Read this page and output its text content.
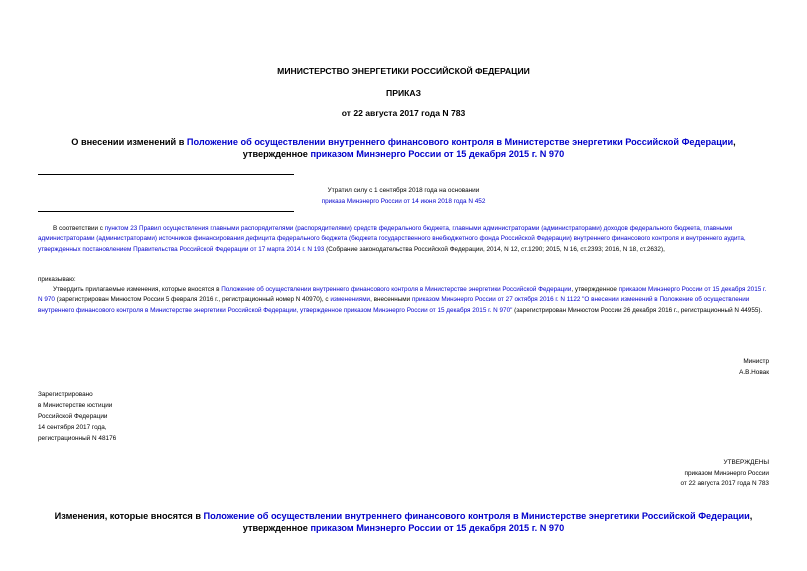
МИНИСТЕРСТВО ЭНЕРГЕТИКИ РОССИЙСКОЙ ФЕДЕРАЦИИ
ПРИКАЗ
от 22 августа 2017 года N 783
О внесении изменений в Положение об осуществлении внутреннего финансового контроля в Министерстве энергетики Российской Федерации, утвержденное приказом Минэнерго России от 15 декабря 2015 г. N 970
Утратил силу с 1 сентября 2018 года на основании
приказа Минэнерго России от 14 июня 2018 года N 452
В соответствии с пунктом 23 Правил осуществления главными распорядителями (распорядителями) средств федерального бюджета, главными администраторами (администраторами) доходов федерального бюджета, главными администраторами (администраторами) источников финансирования дефицита федерального бюджета (бюджета государственного внебюджетного фонда Российской Федерации) внутреннего финансового контроля и внутреннего аудита, утвержденных постановлением Правительства Российской Федерации от 17 марта 2014 г. N 193 (Собрание законодательства Российской Федерации, 2014, N 12, ст.1290; 2015, N 16, ст.2393; 2016, N 18, ст.2632),
приказываю:
Утвердить прилагаемые изменения, которые вносятся в Положение об осуществлении внутреннего финансового контроля в Министерстве энергетики Российской Федерации, утвержденное приказом Минэнерго России от 15 декабря 2015 г. N 970 (зарегистрирован Минюстом России 5 февраля 2016 г., регистрационный номер N 40970), с изменениями, внесенными приказом Минэнерго России от 27 октября 2016 г. N 1122 "О внесении изменений в Положение об осуществлении внутреннего финансового контроля в Министерстве энергетики Российской Федерации, утвержденное приказом Минэнерго России от 15 декабря 2015 г. N 970" (зарегистрирован Минюстом России 26 декабря 2016 г., регистрационный N 44955).
Министр
А.В.Новак
Зарегистрировано
в Министерстве юстиции
Российской Федерации
14 сентября 2017 года,
регистрационный N 48176
УТВЕРЖДЕНЫ
приказом Минэнерго России
от 22 августа 2017 года N 783
Изменения, которые вносятся в Положение об осуществлении внутреннего финансового контроля в Министерстве энергетики Российской Федерации, утвержденное приказом Минэнерго России от 15 декабря 2015 г. N 970
